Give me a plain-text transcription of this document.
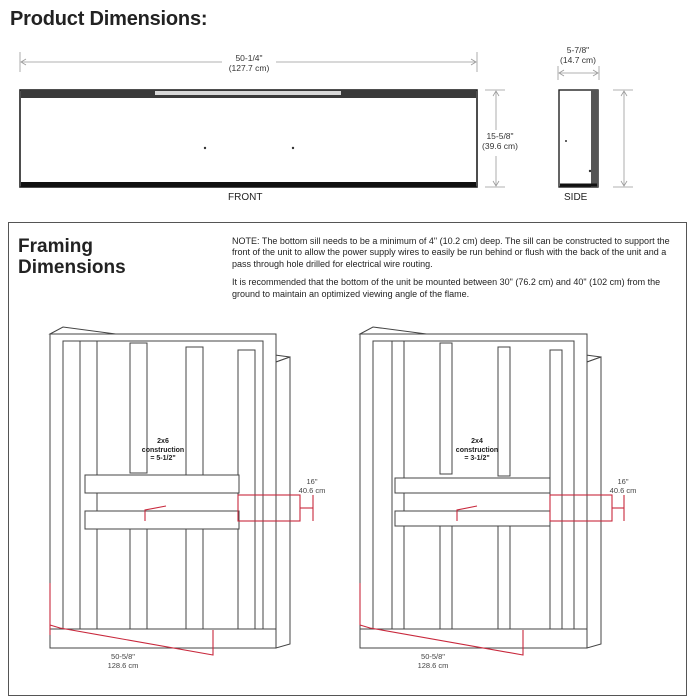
Product Dimensions:
50-1/4"
(127.7 cm)
15-5/8"
(39.6 cm)
FRONT
5-7/8"
(14.7 cm)
SIDE
Framing
Dimensions

NOTE: The bottom sill needs to be a minimum of 4" (10.2 cm) deep. The sill can be constructed to support the front of the unit to allow the power supply wires to easily be run behind or flush with the back of the unit and a pass through hole drilled for electrical wire routing.

It is recommended that the bottom of the unit be mounted between 30" (76.2 cm) and 40" (102 cm) from the ground to maintain an optimized viewing angle of the flame.

2x6
construction
= 5-1/2"
16"
40.6 cm
50-5/8"
128.6 cm
2x4
construction
= 3-1/2"
16"
40.6 cm
50-5/8"
128.6 cm
